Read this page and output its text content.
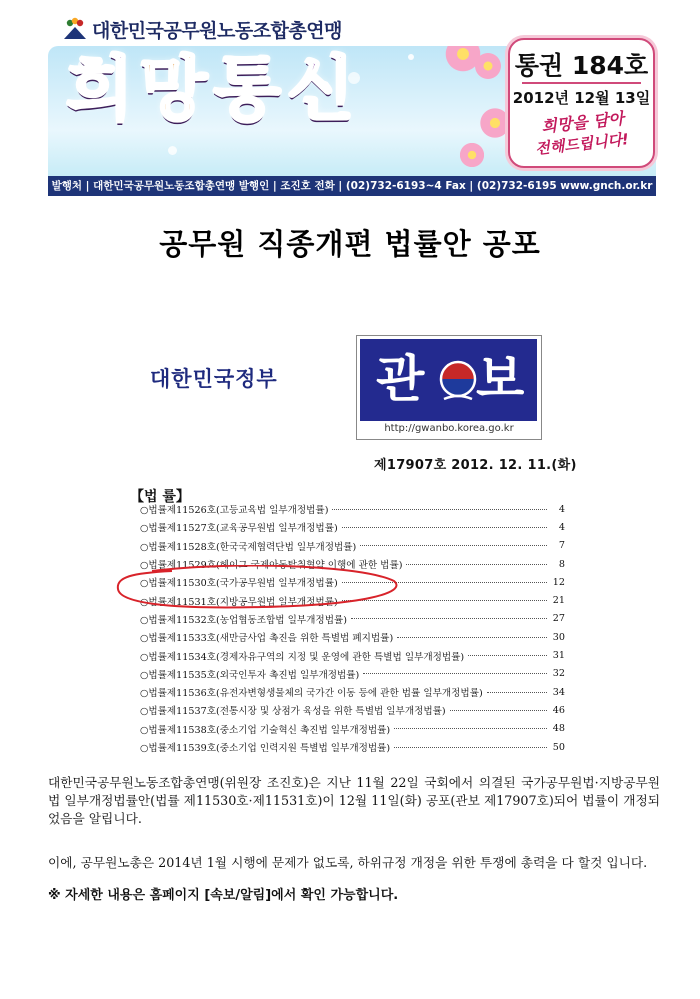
대한민국공무원노동조합총연맹
희망통신	통권 184호
2012년 12월 13일
희망을 담아
전해드립니다!
발행처 | 대한민국공무원노동조합총연맹 발행인 | 조진호 전화 | (02)732-6193~4 Fax | (02)732-6195 www.gnch.or.kr
공무원 직종개편 법률안 공포
대한민국정부 관 보
http://gwanbo.korea.go.kr
제17907호 2012. 12. 11.(화)
【법 률】
○법률제11526호(고등교육법 일부개정법률)	4
○법률제11527호(교육공무원법 일부개정법률)	4
○법률제11528호(한국국제협력단법 일부개정법률)	7
○법률제11529호(헤이그 국제아동탈취협약 이행에 관한 법률)	8
○법률제11530호(국가공무원법 일부개정법률)	12
○법률제11531호(지방공무원법 일부개정법률)	21
○법률제11532호(농업협동조합법 일부개정법률)	27
○법률제11533호(새만금사업 촉진을 위한 특별법 폐지법률)	30
○법률제11534호(경제자유구역의 지정 및 운영에 관한 특별법 일부개정법률)	31
○법률제11535호(외국인투자 촉진법 일부개정법률)	32
○법률제11536호(유전자변형생물체의 국가간 이동 등에 관한 법률 일부개정법률)	34
○법률제11537호(전통시장 및 상점가 육성을 위한 특별법 일부개정법률)	46
○법률제11538호(중소기업 기술혁신 촉진법 일부개정법률)	48
○법률제11539호(중소기업 인력지원 특별법 일부개정법률)	50
대한민국공무원노동조합총연맹(위원장 조진호)은 지난 11월 22일 국회에서 의결된 국가공무원법·지방공무원법 일부개정법률안(법률 제11530호·제11531호)이 12월 11일(화) 공포(관보 제17907호)되어 법률이 개정되었음을 알립니다.
이에, 공무원노총은 2014년 1월 시행에 문제가 없도록, 하위규정 개정을 위한 투쟁에 총력을 다 할것 입니다.
※ 자세한 내용은 홈페이지 [속보/알림]에서 확인 가능합니다.
